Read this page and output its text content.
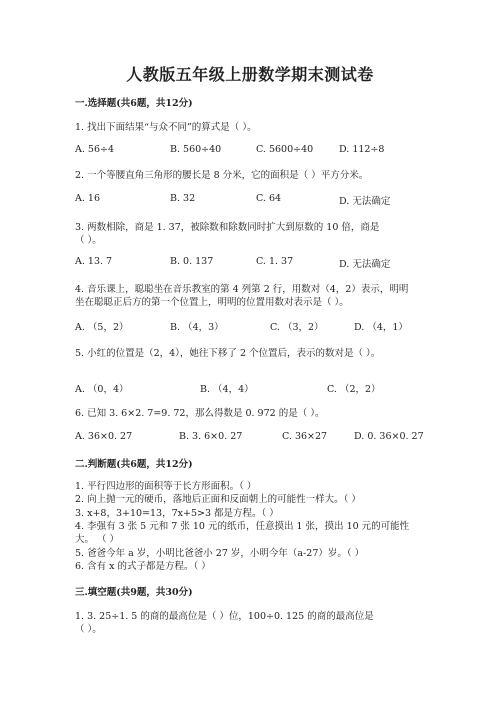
人教版五年级上册数学期末测试卷
一.选择题(共6题，共12分)
1. 找出下面结果“与众不同”的算式是（ ）。
A. 56÷4	B. 560÷40	C. 5600÷40	D. 112÷8
2. 一个等腰直角三角形的腰长是 8 分米，它的面积是（ ）平方分米。
A. 16	B. 32	C. 64	D. 无法确定
3. 两数相除，商是 1. 37，被除数和除数同时扩大到原数的 10 倍，商是
（ ）。
A. 13. 7	B. 0. 137	C. 1. 37	D. 无法确定
4. 音乐课上，聪聪坐在音乐教室的第 4 列第 2 行，用数对（4，2）表示，明明
坐在聪聪正后方的第一个位置上，明明的位置用数对表示是（ ）。
A. （5，2）	B. （4，3）	C. （3，2）	D. （4，1）
5. 小红的位置是（2，4），她往下移了 2 个位置后，表示的数对是（ ）。
A. （0，4）	B. （4，4）	C. （2，2）
6. 已知 3. 6×2. 7=9. 72，那么得数是 0. 972 的是（ ）。
A. 36×0. 27	B. 3. 6×0. 27	C. 36×27	D. 0. 36×0. 27
二.判断题(共6题，共12分)
1. 平行四边形的面积等于长方形面积。（ ）
2. 向上抛一元的硬币，落地后正面和反面朝上的可能性一样大。（ ）
3. x+8，3+10=13，7x+5>3 都是方程。（ ）
4. 李强有 3 张 5 元和 7 张 10 元的纸币，任意摸出 1 张，摸出 10 元的可能性
大。 （ ）
5. 爸爸今年 a 岁，小明比爸爸小 27 岁，小明今年（a-27）岁。（ ）
6. 含有 x 的式子都是方程。（ ）
三.填空题(共9题，共30分)
1. 3. 25÷1. 5 的商的最高位是（ ）位，100÷0. 125 的商的最高位是
（ ）。
